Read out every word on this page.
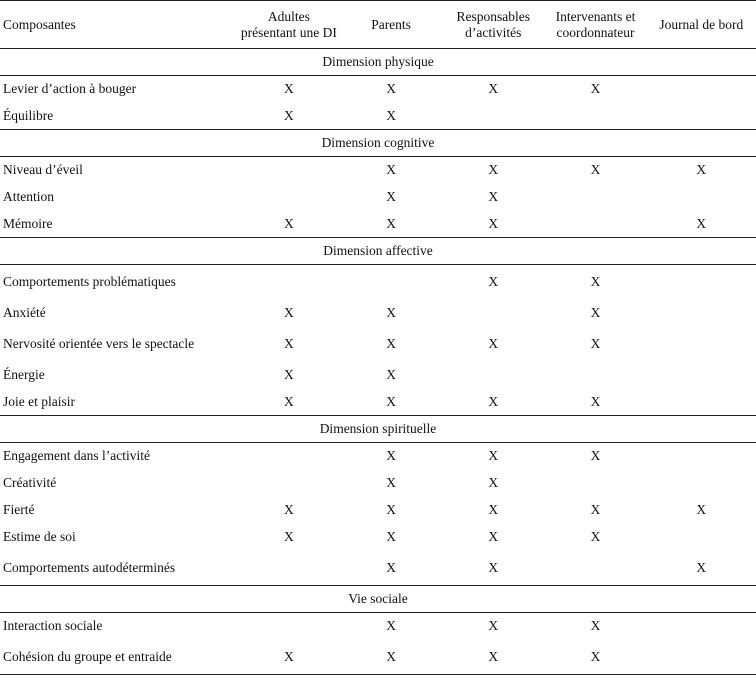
Composantes	Adultes présentant une DI	Parents	Responsables d’activités	Intervenants et coordonnateur	Journal de bord
Dimension physique					
Levier d’action à bouger	X	X	X	X	
Équilibre	X	X			
Dimension cognitive					
Niveau d’éveil		X	X	X	X
Attention		X	X		
Mémoire	X	X	X		X
Dimension affective					
Comportements problématiques			X	X	
Anxiété	X	X		X	
Nervosité orientée vers le spectacle	X	X	X	X	
Énergie	X	X			
Joie et plaisir	X	X	X	X	
Dimension spirituelle					
Engagement dans l’activité		X	X	X	
Créativité		X	X		
Fierté	X	X	X	X	X
Estime de soi	X	X	X	X	
Comportements autodéterminés		X	X		X
Vie sociale					
Interaction sociale		X	X	X	
Cohésion du groupe et entraide	X	X	X	X	
